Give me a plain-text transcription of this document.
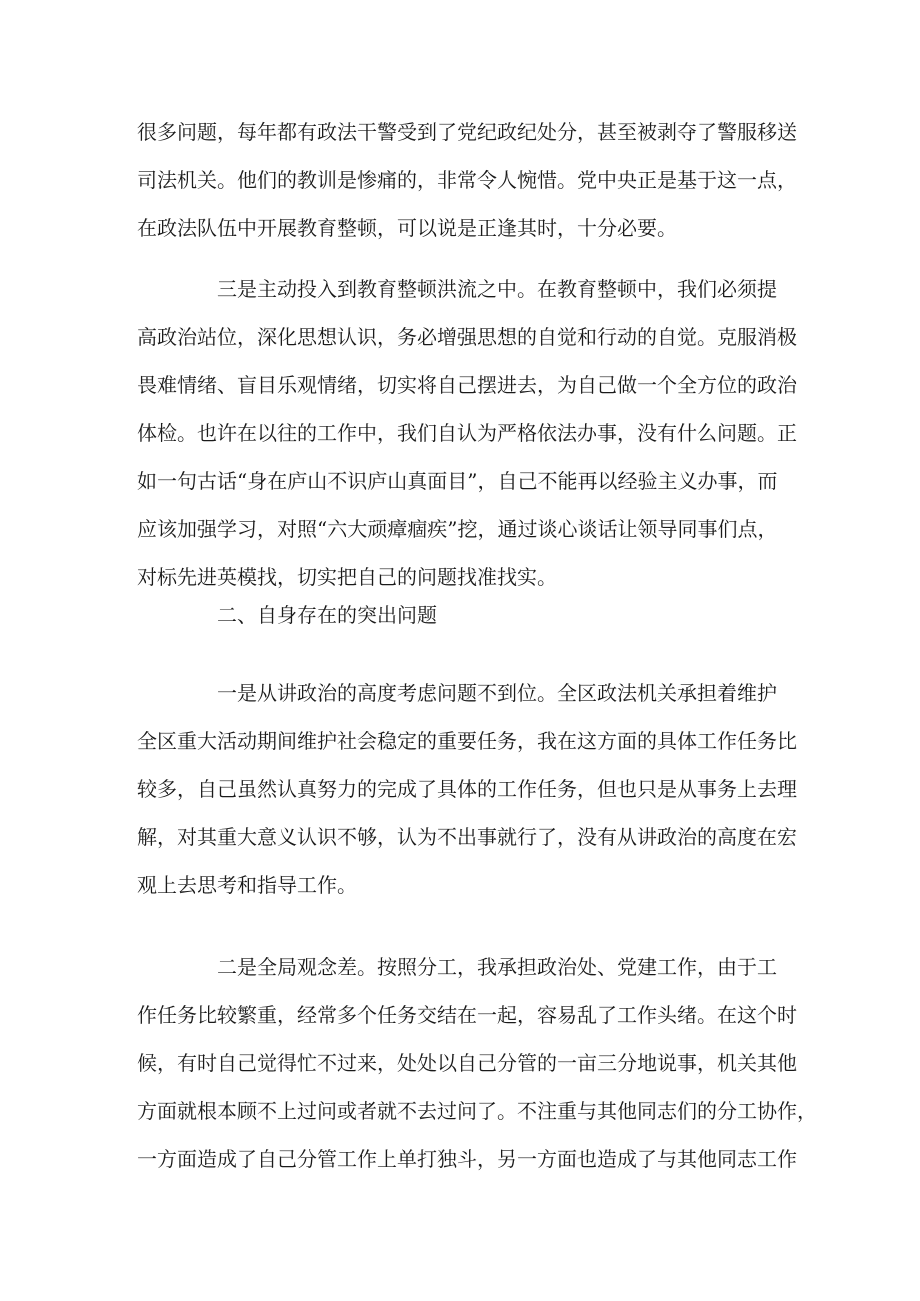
很多问题，每年都有政法干警受到了党纪政纪处分，甚至被剥夺了警服移送
司法机关。他们的教训是惨痛的，非常令人惋惜。党中央正是基于这一点，
在政法队伍中开展教育整顿，可以说是正逢其时，十分必要。
三是主动投入到教育整顿洪流之中。在教育整顿中，我们必须提
高政治站位，深化思想认识，务必增强思想的自觉和行动的自觉。克服消极
畏难情绪、盲目乐观情绪，切实将自己摆进去，为自己做一个全方位的政治
体检。也许在以往的工作中，我们自认为严格依法办事，没有什么问题。正
如一句古话“身在庐山不识庐山真面目”，自己不能再以经验主义办事，而
应该加强学习，对照“六大顽瘴痼疾”挖，通过谈心谈话让领导同事们点，
对标先进英模找，切实把自己的问题找准找实。
二、自身存在的突出问题
一是从讲政治的高度考虑问题不到位。全区政法机关承担着维护
全区重大活动期间维护社会稳定的重要任务，我在这方面的具体工作任务比
较多，自己虽然认真努力的完成了具体的工作任务，但也只是从事务上去理
解，对其重大意义认识不够，认为不出事就行了，没有从讲政治的高度在宏
观上去思考和指导工作。
二是全局观念差。按照分工，我承担政治处、党建工作，由于工
作任务比较繁重，经常多个任务交结在一起，容易乱了工作头绪。在这个时
候，有时自己觉得忙不过来，处处以自己分管的一亩三分地说事，机关其他
方面就根本顾不上过问或者就不去过问了。不注重与其他同志们的分工协作，
一方面造成了自己分管工作上单打独斗，另一方面也造成了与其他同志工作
